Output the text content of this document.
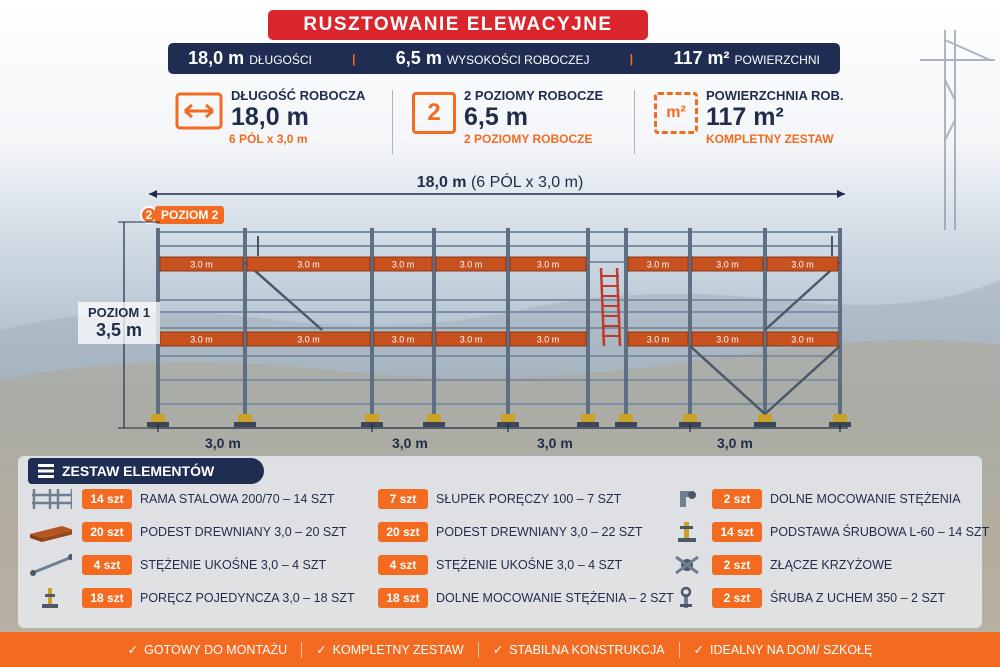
RUSZTOWANIE ELEWACYJNE
18,0 m DŁUGOŚCI	| 6,5 m WYSOKOŚCI ROBOCZEJ	| 117 m² POWIERZCHNI
DŁUGOŚĆ ROBOCZA
18,0 m
6 PÓL x 3,0 m
2
2 POZIOMY ROBOCZE
6,5 m
2 POZIOMY ROBOCZE
m²
POWIERZCHNIA ROB.
117 m²
KOMPLETNY ZESTAW
18,0 m (6 PÓL x 3,0 m)
2 POZIOM 2
3.0 m	3.0 m	3.0 m	3.0 m	3.0 m	3.0 m	3.0 m	3.0 m
3.0 m	3.0 m	3.0 m	3.0 m	3.0 m	3.0 m	3.0 m	3.0 m
POZIOM 1
3,5 m
3,0 m	3,0 m	3,0 m	3,0 m
ZESTAW ELEMENTÓW
14 szt	RAMA STALOWA 200/70 – 14 SZT
20 szt	PODEST DREWNIANY 3,0 – 20 SZT
4 szt	STĘŻENIE UKOŚNE 3,0 – 4 SZT
18 szt	PORĘCZ POJEDYNCZA 3,0 – 18 SZT
7 szt	SŁUPEK PORĘCZY 100 – 7 SZT
20 szt	PODEST DREWNIANY 3,0 – 22 SZT
4 szt	STĘŻENIE UKOŚNE 3,0 – 4 SZT
18 szt	DOLNE MOCOWANIE STĘŻENIA – 2 SZT
2 szt	DOLNE MOCOWANIE STĘŻENIA
14 szt	PODSTAWA ŚRUBOWA L-60 – 14 SZT
2 szt	ZŁĄCZE KRZYŻOWE
2 szt	ŚRUBA Z UCHEM 350 – 2 SZT
✓ GOTOWY DO MONTAŻU ✓ KOMPLETNY ZESTAW ✓ STABILNA KONSTRUKCJA ✓ IDEALNY NA DOM/ SZKOŁĘ
